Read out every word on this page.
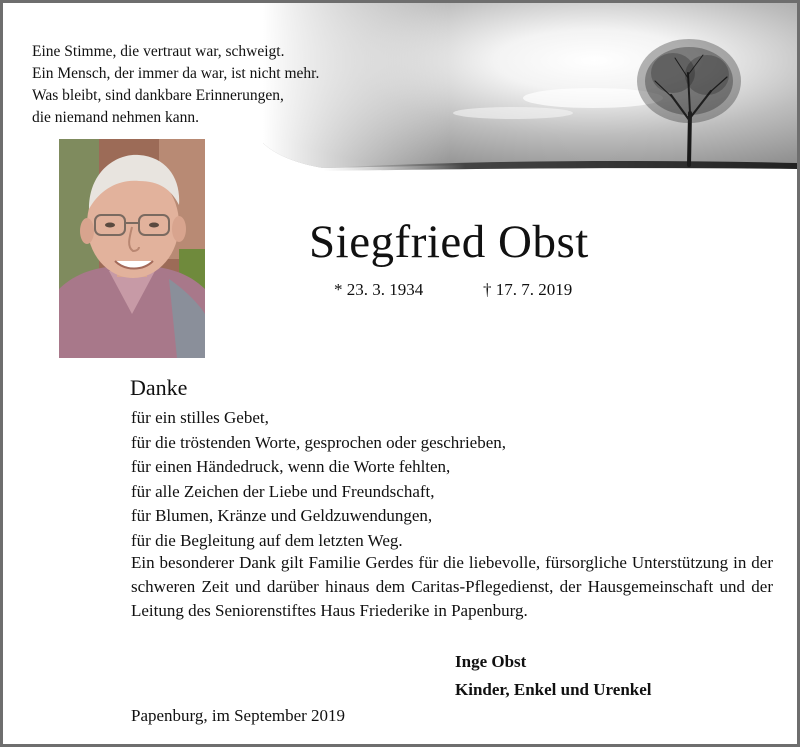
Eine Stimme, die vertraut war, schweigt.
Ein Mensch, der immer da war, ist nicht mehr.
Was bleibt, sind dankbare Erinnerungen,
die niemand nehmen kann.
Siegfried Obst
* 23. 3. 1934	† 17. 7. 2019
Danke
für ein stilles Gebet,
für die tröstenden Worte, gesprochen oder geschrieben,
für einen Händedruck, wenn die Worte fehlten,
für alle Zeichen der Liebe und Freundschaft,
für Blumen, Kränze und Geldzuwendungen,
für die Begleitung auf dem letzten Weg.
Ein besonderer Dank gilt Familie Gerdes für die liebevolle, fürsorgliche Unterstützung in der schweren Zeit und darüber hinaus dem Caritas-Pflegedienst, der Hausgemeinschaft und der Leitung des Seniorenstiftes Haus Friederike in Papenburg.
Inge Obst
Kinder, Enkel und Urenkel
Papenburg, im September 2019
